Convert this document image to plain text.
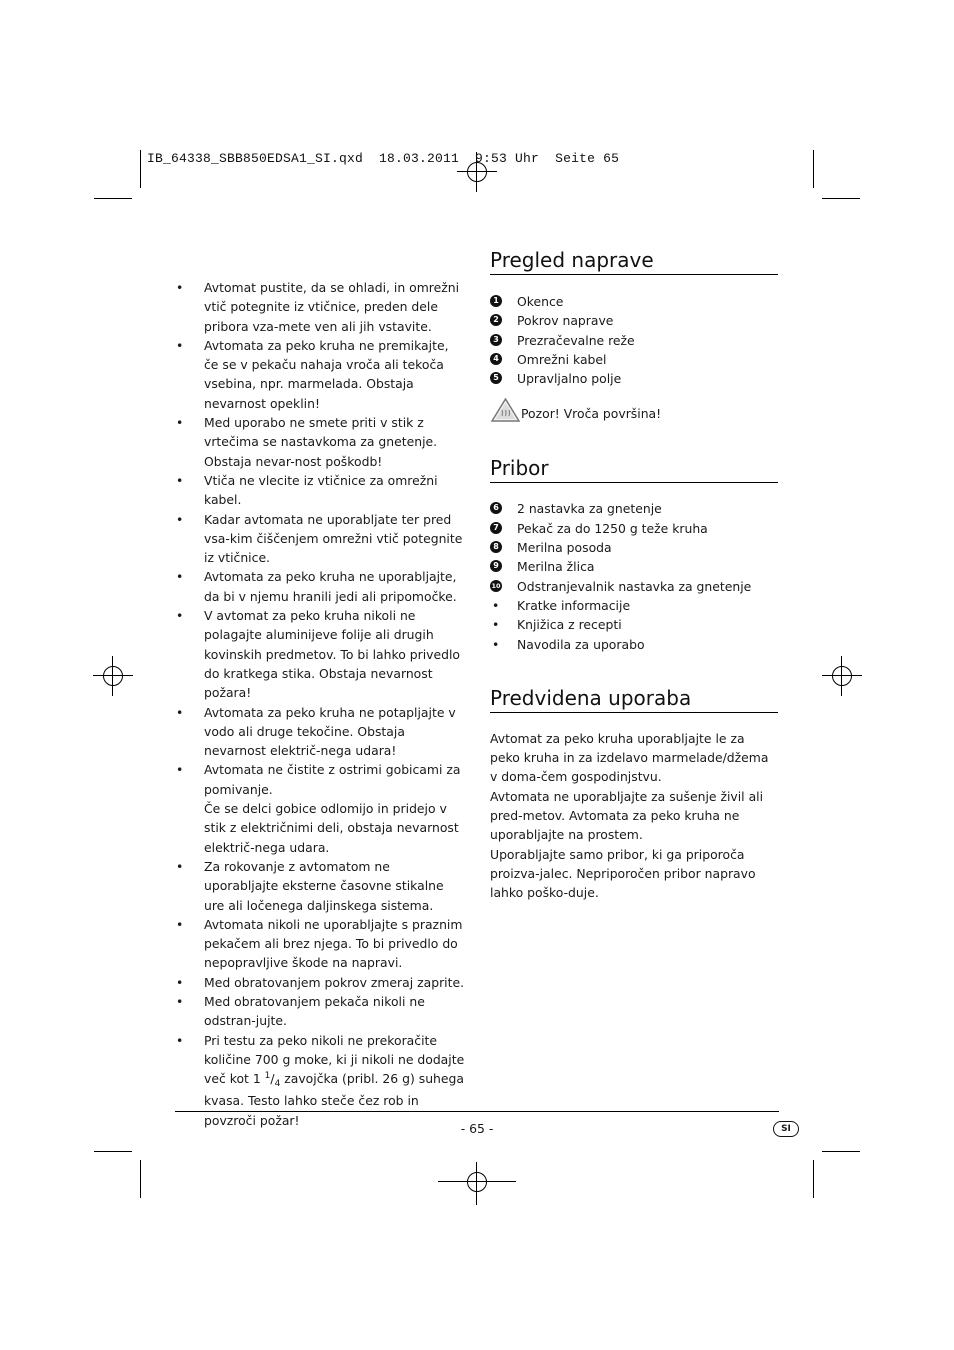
IB_64338_SBB850EDSA1_SI.qxd  18.03.2011  9:53 Uhr  Seite 65
• Avtomat pustite, da se ohladi, in omrežni vtič potegnite iz vtičnice, preden dele pribora vza-mete ven ali jih vstavite.
• Avtomata za peko kruha ne premikajte, če se v pekaču nahaja vroča ali tekoča vsebina, npr. marmelada. Obstaja nevarnost opeklin!
• Med uporabo ne smete priti v stik z vrtečima se nastavkoma za gnetenje. Obstaja nevar-nost poškodb!
• Vtiča ne vlecite iz vtičnice za omrežni kabel.
• Kadar avtomata ne uporabljate ter pred vsa-kim čiščenjem omrežni vtič potegnite iz vtičnice.
• Avtomata za peko kruha ne uporabljajte, da bi v njemu hranili jedi ali pripomočke.
• V avtomat za peko kruha nikoli ne polagajte aluminijeve folije ali drugih kovinskih predmetov. To bi lahko privedlo do kratkega stika. Obstaja nevarnost požara!
• Avtomata za peko kruha ne potapljajte v vodo ali druge tekočine. Obstaja nevarnost električ-nega udara!
• Avtomata ne čistite z ostrimi gobicami za pomivanje.
Če se delci gobice odlomijo in pridejo v stik z električnimi deli, obstaja nevarnost električ-nega udara.
• Za rokovanje z avtomatom ne uporabljajte eksterne časovne stikalne ure ali ločenega daljinskega sistema.
• Avtomata nikoli ne uporabljajte s praznim pekačem ali brez njega. To bi privedlo do nepopravljive škode na napravi.
• Med obratovanjem pokrov zmeraj zaprite.
• Med obratovanjem pekača nikoli ne odstran-jujte.
• Pri testu za peko nikoli ne prekoračite količine 700 g moke, ki ji nikoli ne dodajte več kot 1 $^1/_4$ zavojčka (pribl. 26 g) suhega kvasa. Testo lahko steče čez rob in povzroči požar!
Pregled naprave
1 Okence
2 Pokrov naprave
3 Prezračevalne reže
4 Omrežni kabel
5 Upravljalno polje
Pozor! Vroča površina!
Pribor
6 2 nastavka za gnetenje
7 Pekač za do 1250 g teže kruha
8 Merilna posoda
9 Merilna žlica
10 Odstranjevalnik nastavka za gnetenje
• Kratke informacije
• Knjižica z recepti
• Navodila za uporabo
Predvidena uporaba

Avtomat za peko kruha uporabljajte le za peko kruha in za izdelavo marmelade/džema v doma-čem gospodinjstvu.

Avtomata ne uporabljajte za sušenje živil ali pred-metov. Avtomata za peko kruha ne uporabljajte na prostem.

Uporabljajte samo pribor, ki ga priporoča proizva-jalec. Nepriporočen pribor napravo lahko poško-duje.

- 65 -	SI
